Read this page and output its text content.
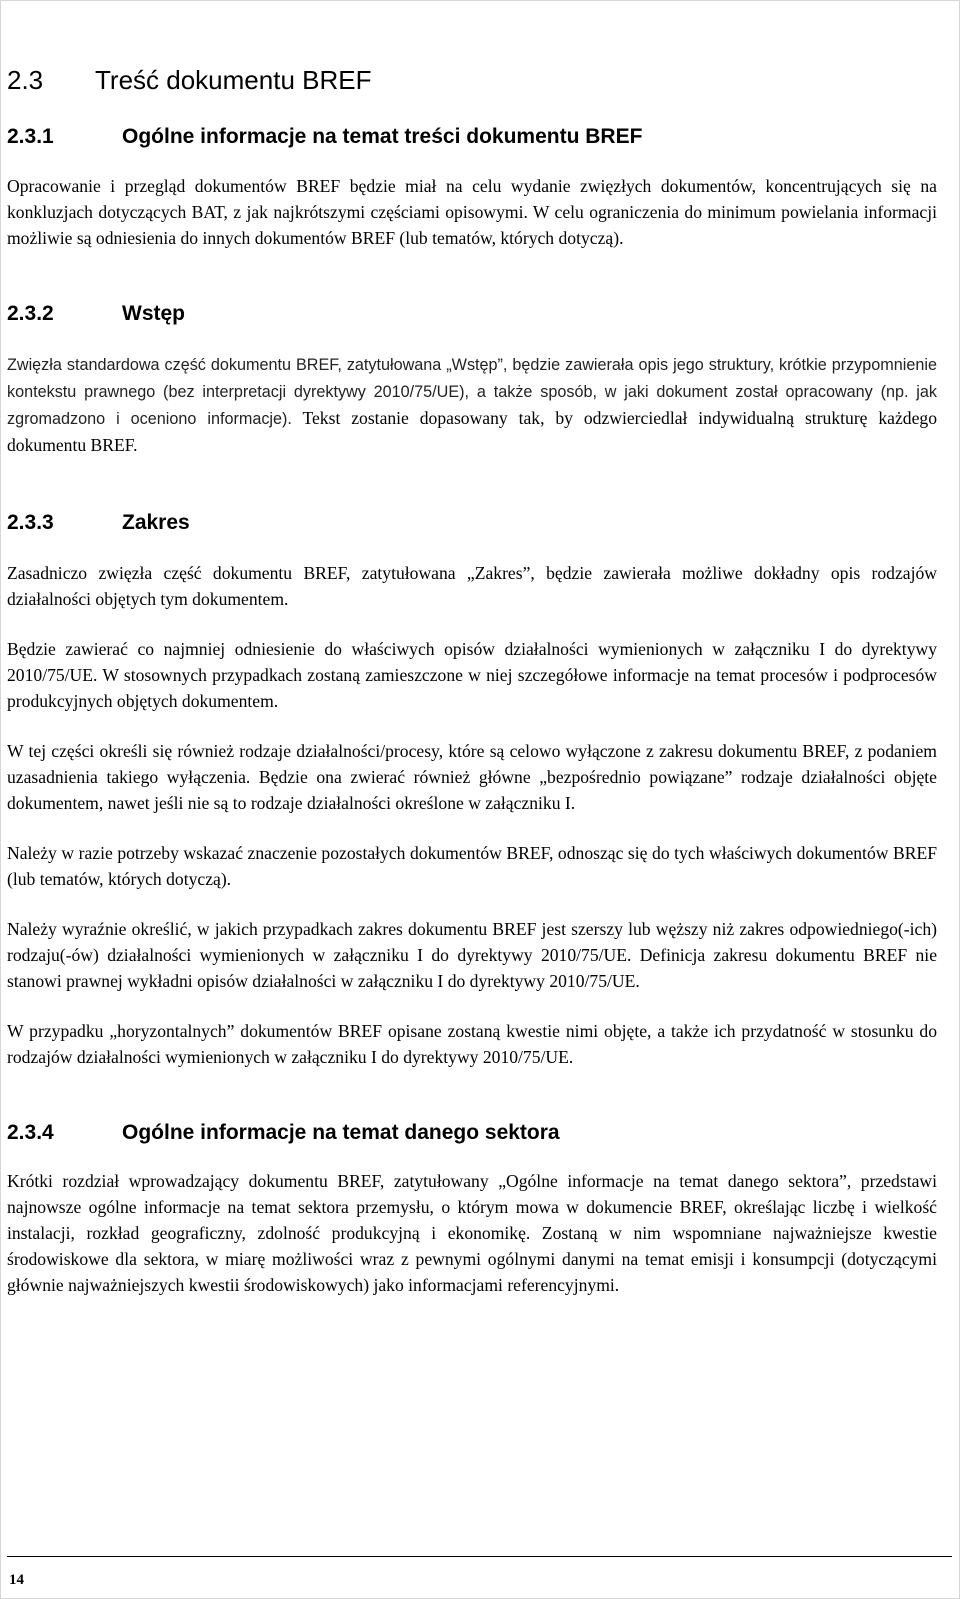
2.3	Treść dokumentu BREF
2.3.1	Ogólne informacje na temat treści dokumentu BREF

Opracowanie i przegląd dokumentów BREF będzie miał na celu wydanie zwięzłych dokumentów, koncentrujących się na konkluzjach dotyczących BAT, z jak najkrótszymi częściami opisowymi. W celu ograniczenia do minimum powielania informacji możliwie są odniesienia do innych dokumentów BREF (lub tematów, których dotyczą).

2.3.2	Wstęp

Zwięzła standardowa część dokumentu BREF, zatytułowana „Wstęp”, będzie zawierała opis jego struktury, krótkie przypomnienie kontekstu prawnego (bez interpretacji dyrektywy 2010/75/UE), a także sposób, w jaki dokument został opracowany (np. jak zgromadzono i oceniono informacje). Tekst zostanie dopasowany tak, by odzwierciedlał indywidualną strukturę każdego dokumentu BREF.

2.3.3	Zakres

Zasadniczo zwięzła część dokumentu BREF, zatytułowana „Zakres”, będzie zawierała możliwe dokładny opis rodzajów działalności objętych tym dokumentem.

Będzie zawierać co najmniej odniesienie do właściwych opisów działalności wymienionych w załączniku I do dyrektywy 2010/75/UE. W stosownych przypadkach zostaną zamieszczone w niej szczegółowe informacje na temat procesów i podprocesów produkcyjnych objętych dokumentem.

W tej części określi się również rodzaje działalności/procesy, które są celowo wyłączone z zakresu dokumentu BREF, z podaniem uzasadnienia takiego wyłączenia. Będzie ona zwierać również główne „bezpośrednio powiązane” rodzaje działalności objęte dokumentem, nawet jeśli nie są to rodzaje działalności określone w załączniku I.

Należy w razie potrzeby wskazać znaczenie pozostałych dokumentów BREF, odnosząc się do tych właściwych dokumentów BREF (lub tematów, których dotyczą).

Należy wyraźnie określić, w jakich przypadkach zakres dokumentu BREF jest szerszy lub węższy niż zakres odpowiedniego(-ich) rodzaju(-ów) działalności wymienionych w załączniku I do dyrektywy 2010/75/UE. Definicja zakresu dokumentu BREF nie stanowi prawnej wykładni opisów działalności w załączniku I do dyrektywy 2010/75/UE.

W przypadku „horyzontalnych” dokumentów BREF opisane zostaną kwestie nimi objęte, a także ich przydatność w stosunku do rodzajów działalności wymienionych w załączniku I do dyrektywy 2010/75/UE.

2.3.4	Ogólne informacje na temat danego sektora

Krótki rozdział wprowadzający dokumentu BREF, zatytułowany „Ogólne informacje na temat danego sektora”, przedstawi najnowsze ogólne informacje na temat sektora przemysłu, o którym mowa w dokumencie BREF, określając liczbę i wielkość instalacji, rozkład geograficzny, zdolność produkcyjną i ekonomikę. Zostaną w nim wspomniane najważniejsze kwestie środowiskowe dla sektora, w miarę możliwości wraz z pewnymi ogólnymi danymi na temat emisji i konsumpcji (dotyczącymi głównie najważniejszych kwestii środowiskowych) jako informacjami referencyjnymi.

14
